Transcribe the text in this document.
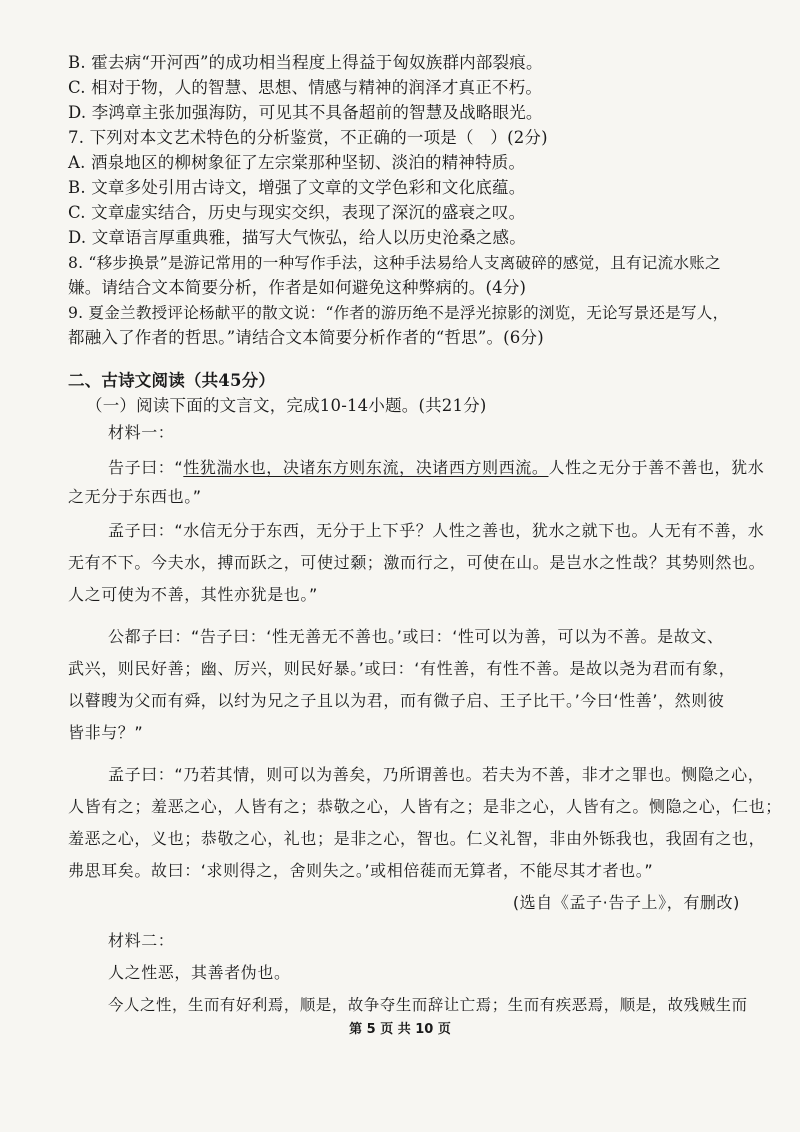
B. 霍去病“开河西”的成功相当程度上得益于匈奴族群内部裂痕。
C. 相对于物，人的智慧、思想、情感与精神的润泽才真正不朽。
D. 李鸿章主张加强海防，可见其不具备超前的智慧及战略眼光。
7. 下列对本文艺术特色的分析鉴赏，不正确的一项是（　）(2分)
A. 酒泉地区的柳树象征了左宗棠那种坚韧、淡泊的精神特质。
B. 文章多处引用古诗文，增强了文章的文学色彩和文化底蕴。
C. 文章虚实结合，历史与现实交织，表现了深沉的盛衰之叹。
D. 文章语言厚重典雅，描写大气恢弘，给人以历史沧桑之感。
8. “移步换景”是游记常用的一种写作手法，这种手法易给人支离破碎的感觉，且有记流水账之
嫌。请结合文本简要分析，作者是如何避免这种弊病的。(4分)
9. 夏金兰教授评论杨献平的散文说：“作者的游历绝不是浮光掠影的浏览，无论写景还是写人，
都融入了作者的哲思。”请结合文本简要分析作者的“哲思”。(6分)
二、古诗文阅读（共45分）
（一）阅读下面的文言文，完成10-14小题。(共21分)
材料一：
告子曰：“性犹湍水也，决诸东方则东流，决诸西方则西流。人性之无分于善不善也，犹水
之无分于东西也。”
孟子曰：“水信无分于东西，无分于上下乎？人性之善也，犹水之就下也。人无有不善，水
无有不下。今夫水，搏而跃之，可使过颡；激而行之，可使在山。是岂水之性哉？其势则然也。
人之可使为不善，其性亦犹是也。”
公都子曰：“告子曰：‘性无善无不善也。’或曰：‘性可以为善，可以为不善。是故文、
武兴，则民好善；幽、厉兴，则民好暴。’或曰：‘有性善，有性不善。是故以尧为君而有象，
以瞽瞍为父而有舜，以纣为兄之子且以为君，而有微子启、王子比干。’今曰‘性善’，然则彼
皆非与？”
孟子曰：“乃若其情，则可以为善矣，乃所谓善也。若夫为不善，非才之罪也。恻隐之心，
人皆有之；羞恶之心，人皆有之；恭敬之心，人皆有之；是非之心，人皆有之。恻隐之心，仁也；
羞恶之心，义也；恭敬之心，礼也；是非之心，智也。仁义礼智，非由外铄我也，我固有之也，
弗思耳矣。故曰：‘求则得之，舍则失之。’或相倍蓰而无算者，不能尽其才者也。”
(选自《孟子·告子上》，有删改)
材料二：
人之性恶，其善者伪也。
今人之性，生而有好利焉，顺是，故争夺生而辞让亡焉；生而有疾恶焉，顺是，故残贼生而
第 5 页 共 10 页
